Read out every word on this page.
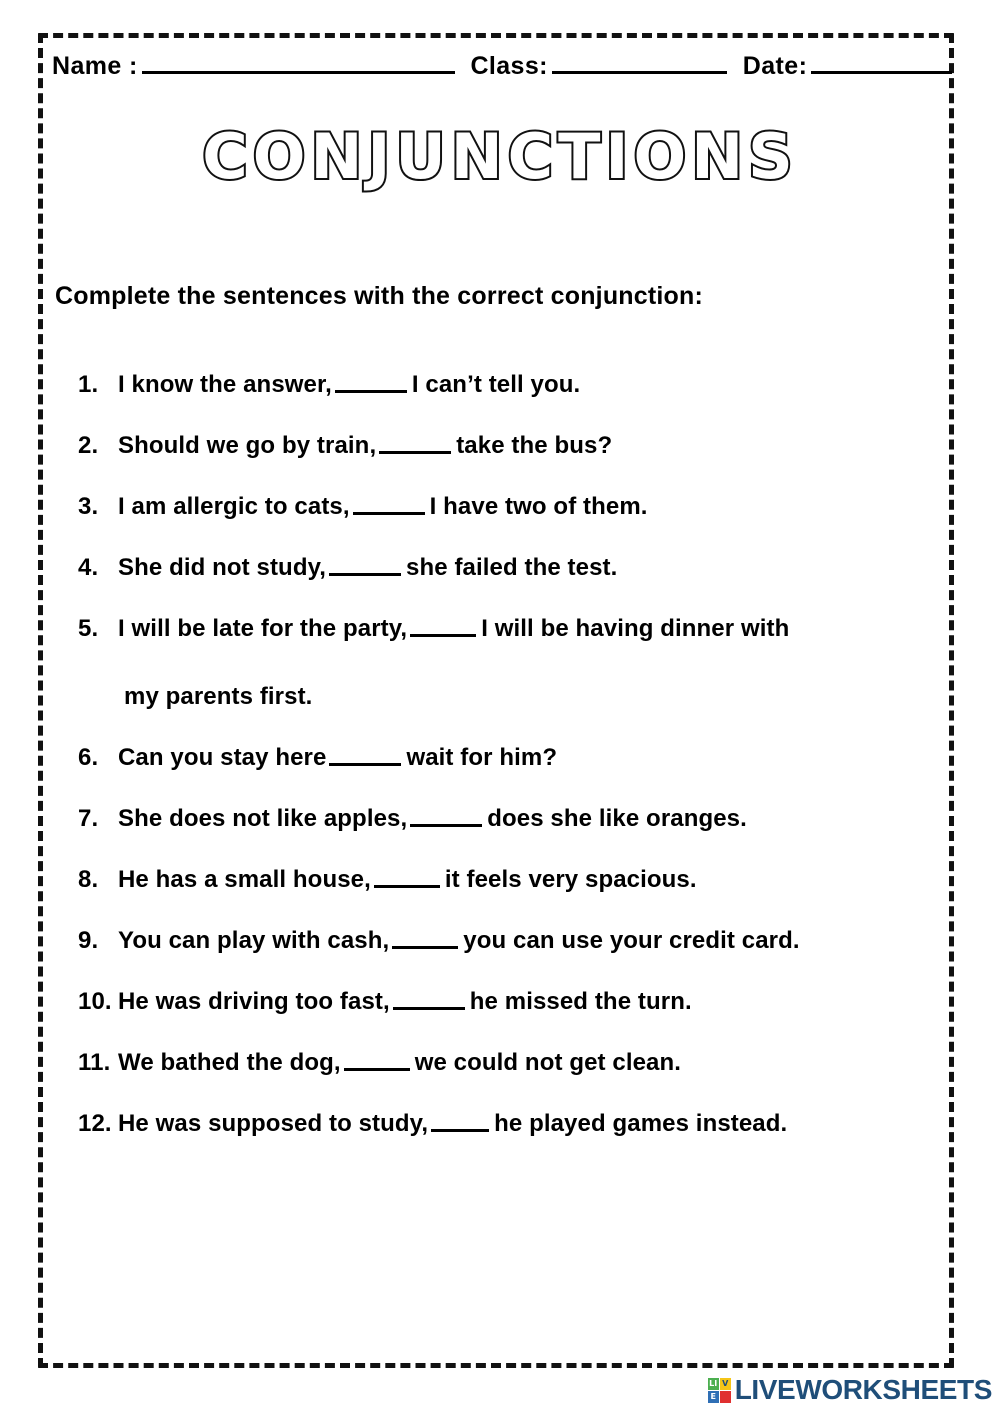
Name :	Class:	Date:
CONJUNCTIONS
Complete the sentences with the correct conjunction:
1. I know the answer,	I can’t tell you.
2. Should we go by train,	take the bus?
3. I am allergic to cats,	I have two of them.
4. She did not study,	she failed the test.
5. I will be late for the party,	I will be having dinner with
my parents first.
6. Can you stay here	wait for him?
7. She does not like apples,	does she like oranges.
8. He has a small house,	it feels very spacious.
9. You can play with cash,	you can use your credit card.
10. He was driving too fast,	he missed the turn.
11. We bathed the dog,	we could not get clean.
12. He was supposed to study,	he played games instead.
LI V
E LIVEWORKSHEETS
